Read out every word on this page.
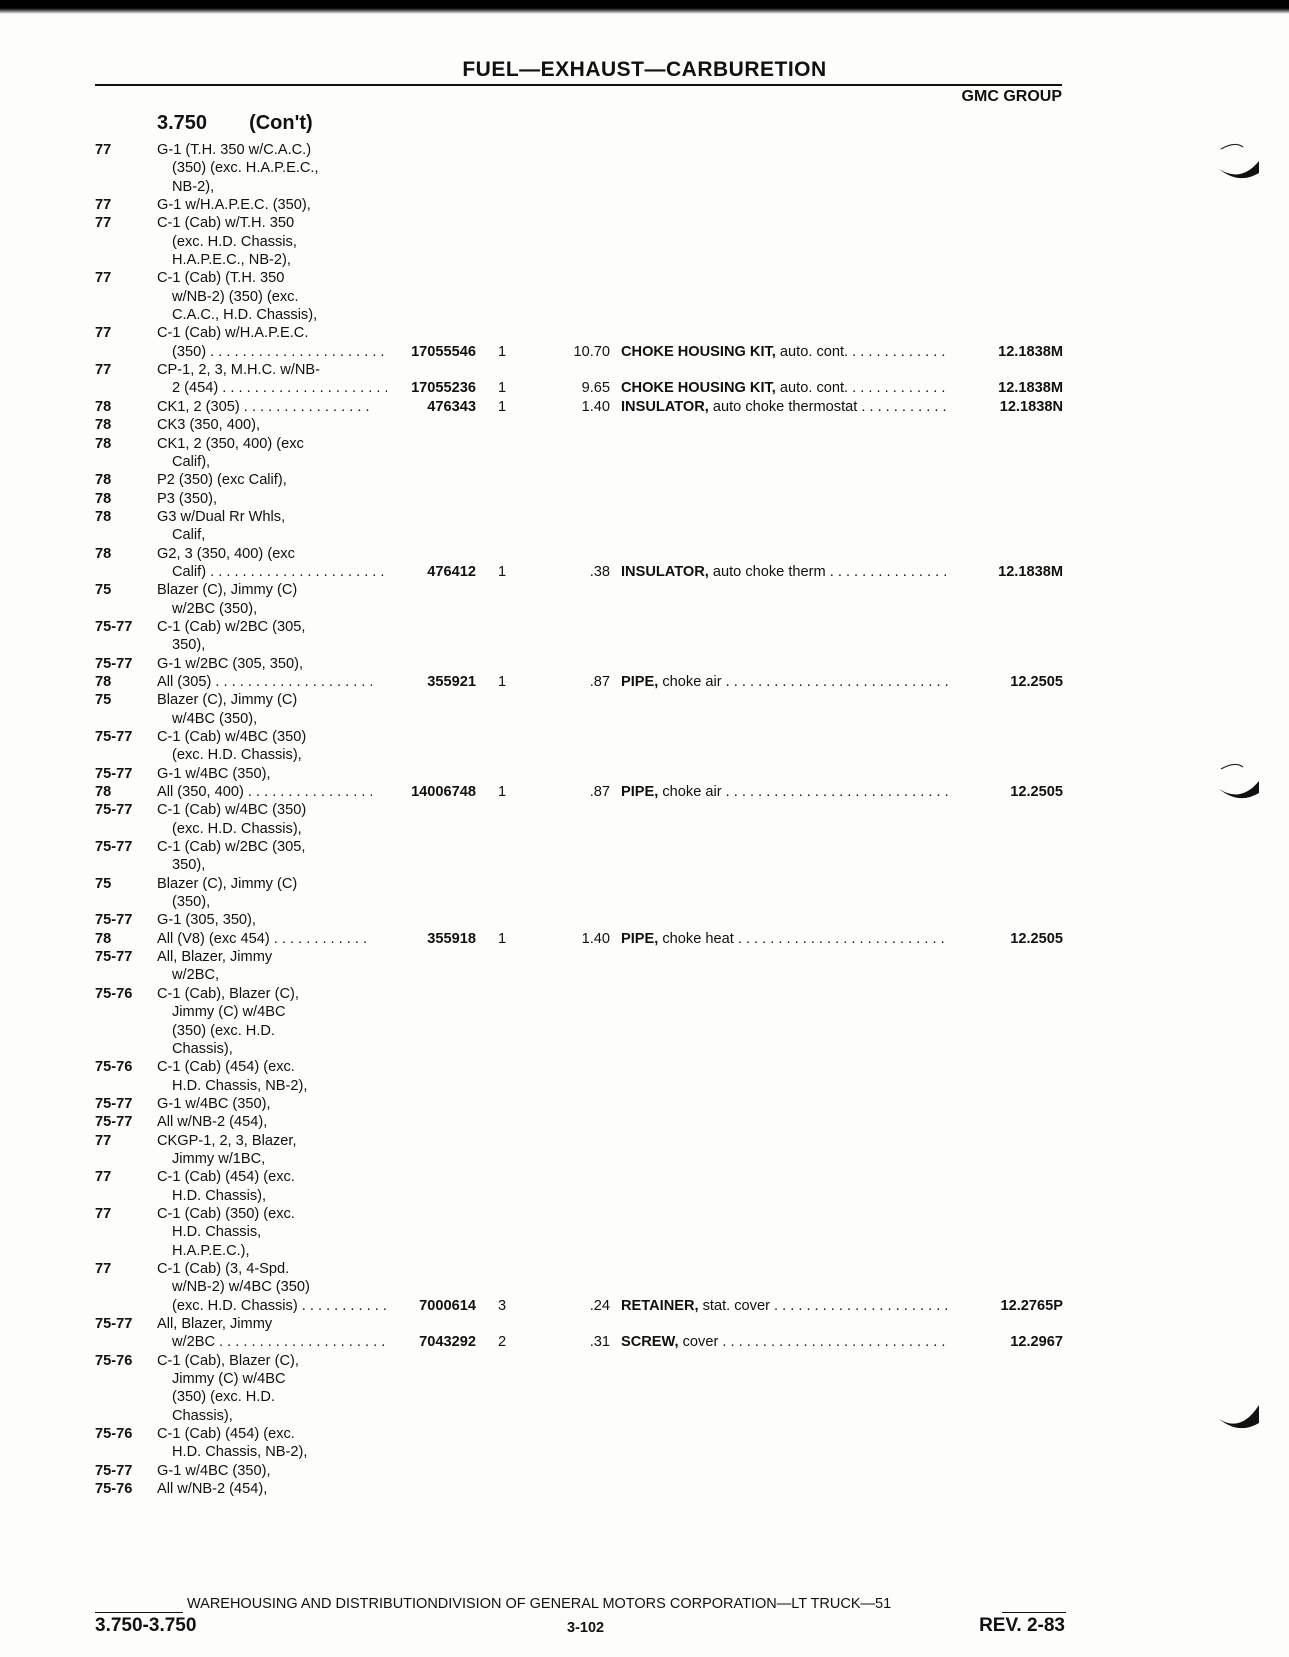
FUEL—EXHAUST—CARBURETION
GMC GROUP
3.750 (Con't)
77	G-1 (T.H. 350 w/C.A.C.)
(350) (exc. H.A.P.E.C.,
NB-2),
77	G-1 w/H.A.P.E.C. (350),
77	C-1 (Cab) w/T.H. 350
(exc. H.D. Chassis,
H.A.P.E.C., NB-2),
77	C-1 (Cab) (T.H. 350
w/NB-2) (350) (exc.
C.A.C., H.D. Chassis),
77	C-1 (Cab) w/H.A.P.E.C.
(350) . . .	17055546 1	10.70 CHOKE HOUSING KIT, auto. cont. . . .	12.1838M
77	CP-1, 2, 3, M.H.C. w/NB-
2 (454) . . .	17055236 1	9.65 CHOKE HOUSING KIT, auto. cont. . . .	12.1838M
78	CK1, 2 (305) . . .	476343 1	1.40 INSULATOR, auto choke thermostat . . .	12.1838N
78	CK3 (350, 400),
78	CK1, 2 (350, 400) (exc
Calif),
78	P2 (350) (exc Calif),
78	P3 (350),
78	G3 w/Dual Rr Whls,
Calif,
78	G2, 3 (350, 400) (exc
Calif) . . .	476412 1	.38 INSULATOR, auto choke therm . . .	12.1838M
75	Blazer (C), Jimmy (C)
w/2BC (350),
75-77 C-1 (Cab) w/2BC (305,
350),
75-77 G-1 w/2BC (305, 350),
78	All (305) . . .	355921 1	.87 PIPE, choke air . . .	12.2505
75	Blazer (C), Jimmy (C)
w/4BC (350),
75-77 C-1 (Cab) w/4BC (350)
(exc. H.D. Chassis),
75-77 G-1 w/4BC (350),
78	All (350, 400) . . .	14006748 1	.87 PIPE, choke air . . .	12.2505
75-77 C-1 (Cab) w/4BC (350)
(exc. H.D. Chassis),
75-77 C-1 (Cab) w/2BC (305,
350),
75	Blazer (C), Jimmy (C)
(350),
75-77 G-1 (305, 350),
78	All (V8) (exc 454) . . .	355918 1	1.40 PIPE, choke heat . . .	12.2505
75-77 All, Blazer, Jimmy
w/2BC,
75-76 C-1 (Cab), Blazer (C),
Jimmy (C) w/4BC
(350) (exc. H.D.
Chassis),
75-76 C-1 (Cab) (454) (exc.
H.D. Chassis, NB-2),
75-77 G-1 w/4BC (350),
75-77 All w/NB-2 (454),
77	CKGP-1, 2, 3, Blazer,
Jimmy w/1BC,
77	C-1 (Cab) (454) (exc.
H.D. Chassis),
77	C-1 (Cab) (350) (exc.
H.D. Chassis,
H.A.P.E.C.),
77	C-1 (Cab) (3, 4-Spd.
w/NB-2) w/4BC (350)
(exc. H.D. Chassis) . . .	7000614 3	.24 RETAINER, stat. cover . . .	12.2765P
75-77 All, Blazer, Jimmy
w/2BC . . .	7043292 2	.31 SCREW, cover . . .	12.2967
75-76 C-1 (Cab), Blazer (C),
Jimmy (C) w/4BC
(350) (exc. H.D.
Chassis),
75-76 C-1 (Cab) (454) (exc.
H.D. Chassis, NB-2),
75-77 G-1 w/4BC (350),
75-76 All w/NB-2 (454),
WAREHOUSING AND DISTRIBUTIONDIVISION OF GENERAL MOTORS CORPORATION—LT TRUCK—51
3.750-3.750	3-102	REV. 2-83
